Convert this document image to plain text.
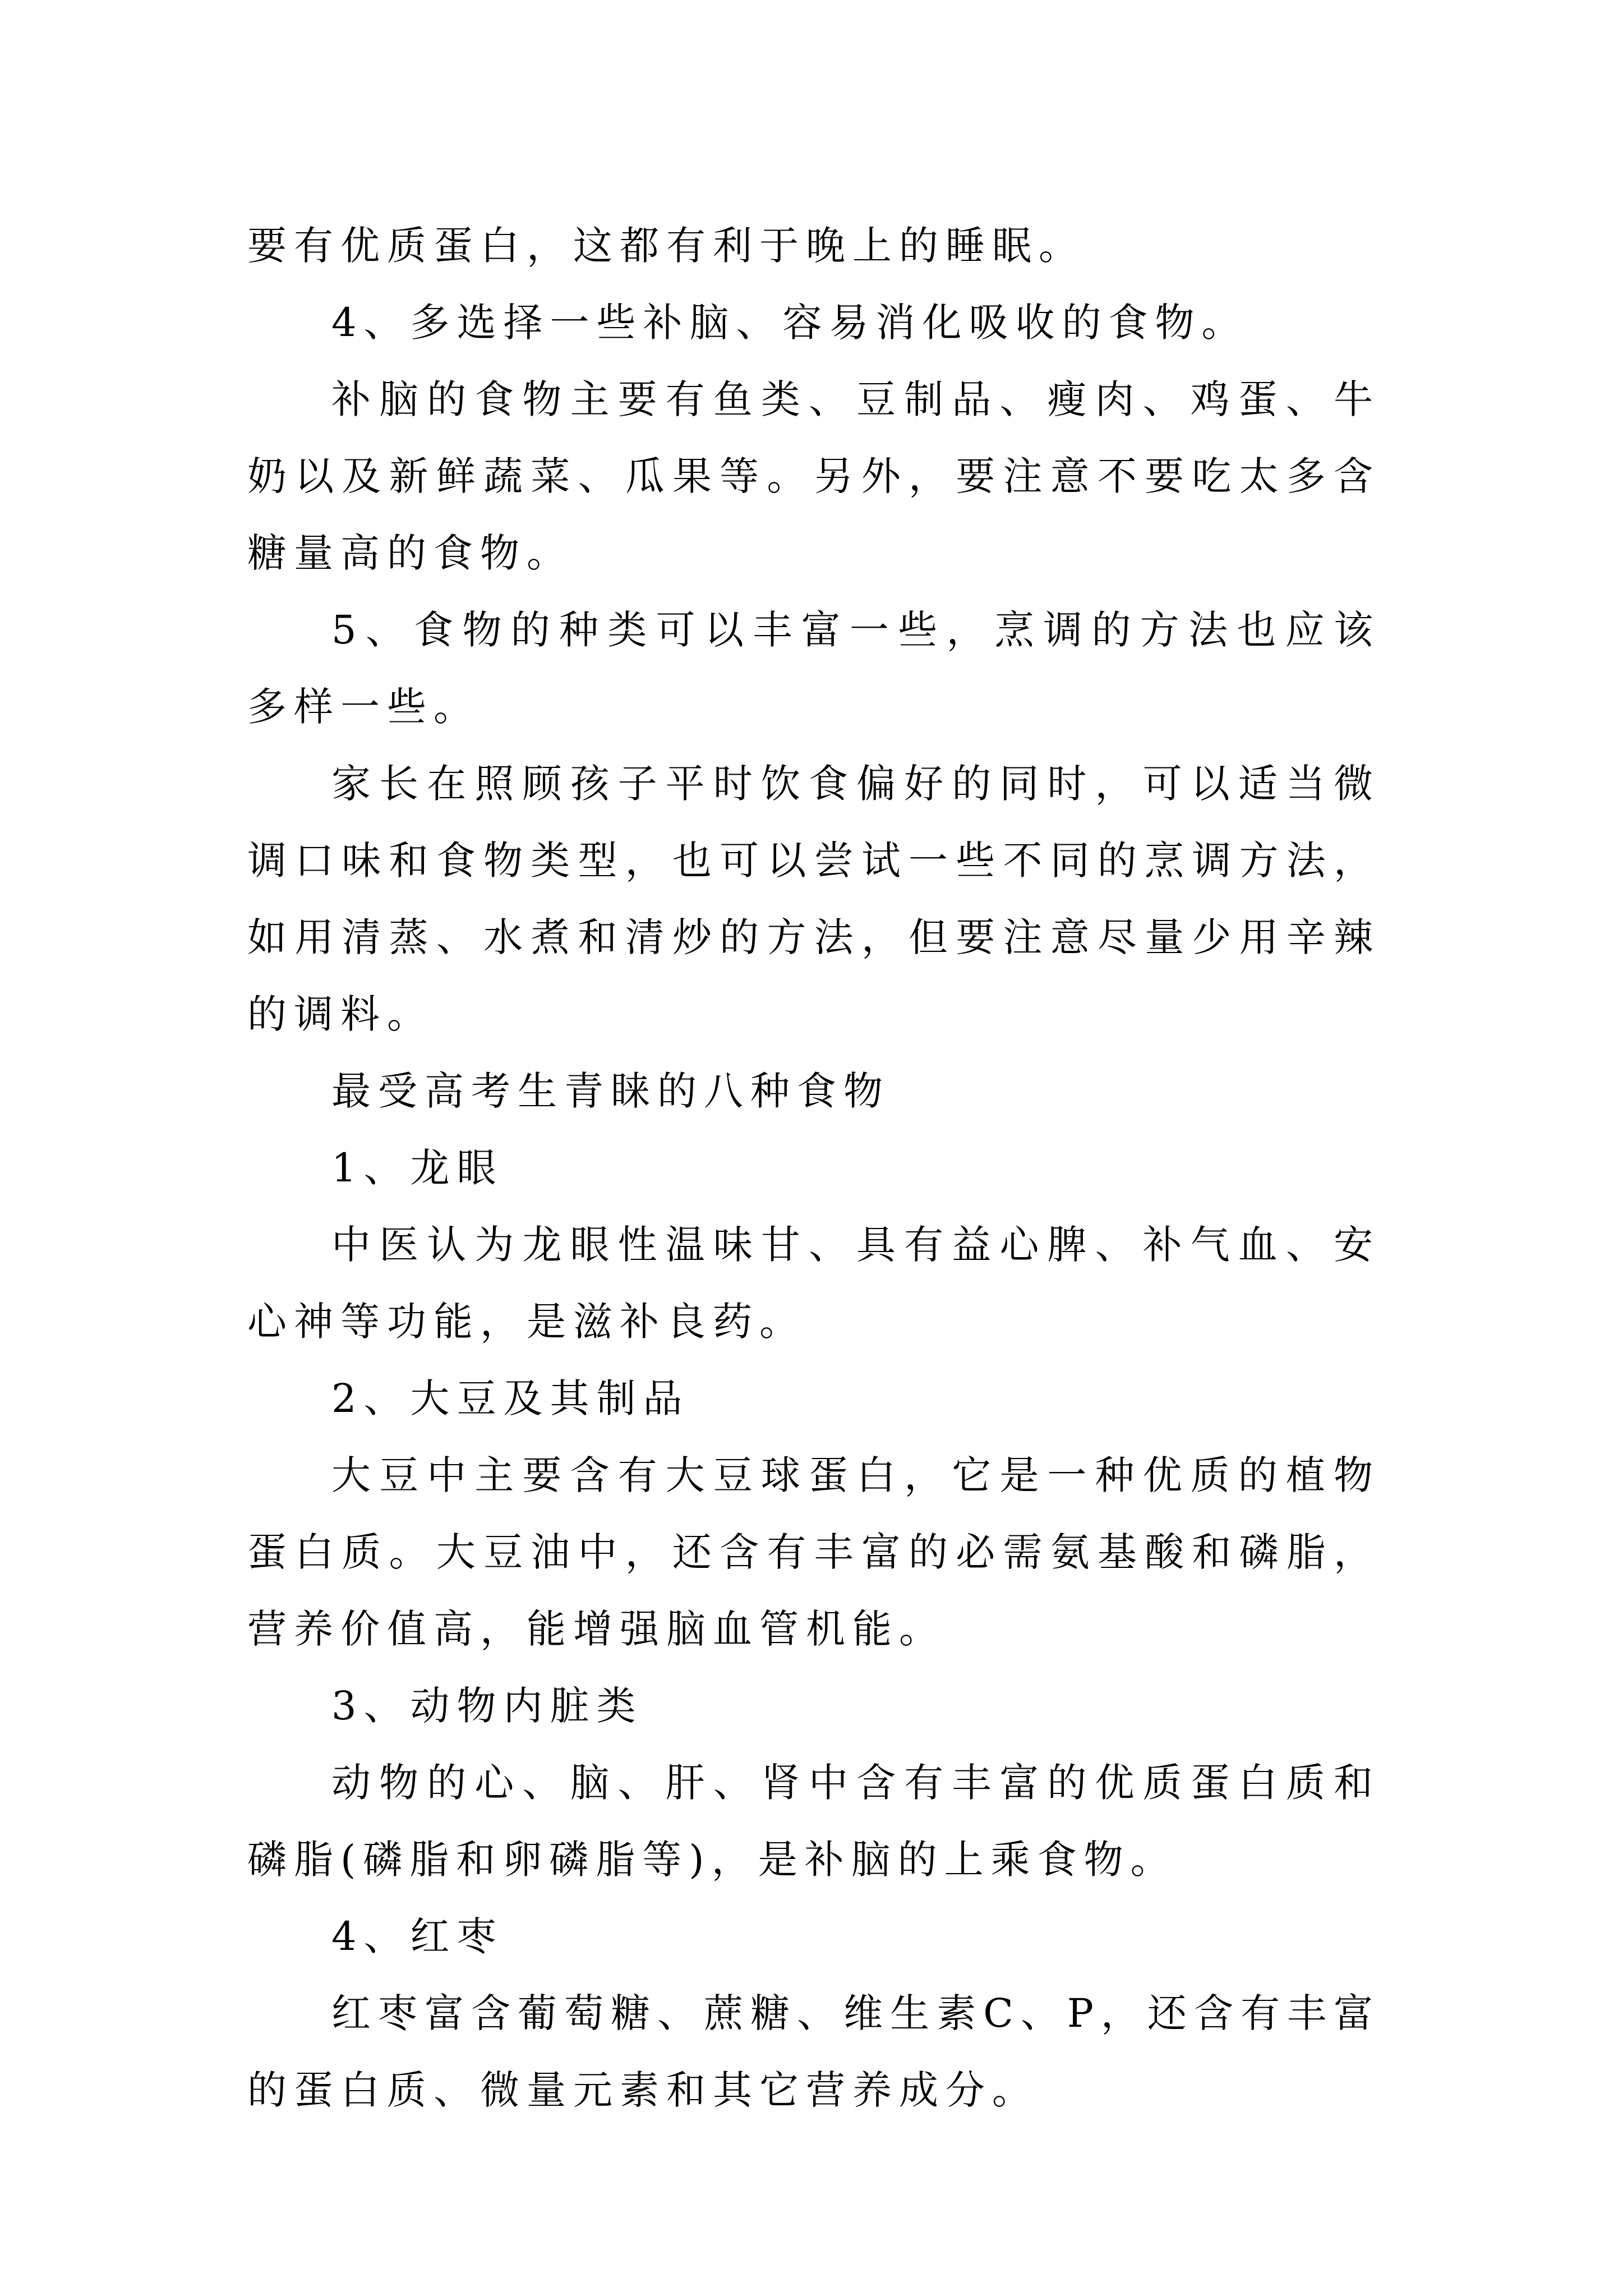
要有优质蛋白，这都有利于晚上的睡眠。

4、多选择一些补脑、容易消化吸收的食物。

补脑的食物主要有鱼类、豆制品、瘦肉、鸡蛋、牛奶以及新鲜蔬菜、瓜果等。另外，要注意不要吃太多含糖量高的食物。

5、食物的种类可以丰富一些，烹调的方法也应该多样一些。

家长在照顾孩子平时饮食偏好的同时，可以适当微调口味和食物类型，也可以尝试一些不同的烹调方法，如用清蒸、水煮和清炒的方法，但要注意尽量少用辛辣的调料。

最受高考生青睐的八种食物

1、龙眼

中医认为龙眼性温味甘、具有益心脾、补气血、安心神等功能，是滋补良药。

2、大豆及其制品

大豆中主要含有大豆球蛋白，它是一种优质的植物蛋白质。大豆油中，还含有丰富的必需氨基酸和磷脂，营养价值高，能增强脑血管机能。

3、动物内脏类

动物的心、脑、肝、肾中含有丰富的优质蛋白质和磷脂(磷脂和卵磷脂等)，是补脑的上乘食物。

4、红枣

红枣富含葡萄糖、蔗糖、维生素C、P，还含有丰富的蛋白质、微量元素和其它营养成分。
